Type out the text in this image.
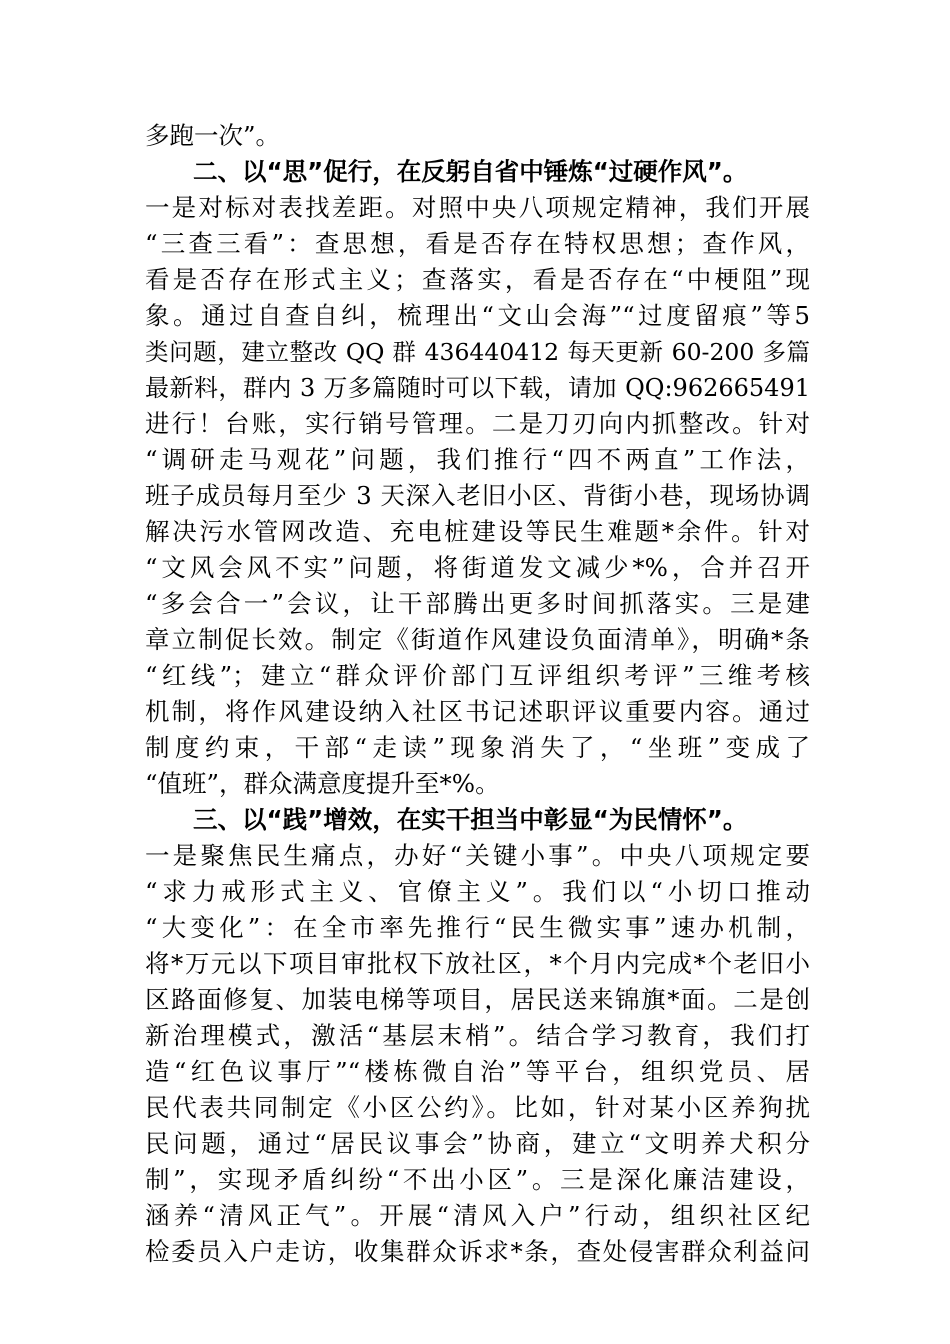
多跑一次”。
二、以“思”促行，在反躬自省中锤炼“过硬作风”。
一是对标对表找差距。对照中央八项规定精神，我们开展
“三查三看”：查思想，看是否存在特权思想；查作风，
看是否存在形式主义；查落实，看是否存在“中梗阻”现
象。通过自查自纠，梳理出“文山会海”“过度留痕”等5
类问题，建立整改 QQ 群 436440412 每天更新 60-200 多篇
最新料，群内 3 万多篇随时可以下载，请加 QQ:962665491
进行！台账，实行销号管理。二是刀刃向内抓整改。针对
“调研走马观花”问题，我们推行“四不两直”工作法，
班子成员每月至少 3 天深入老旧小区、背街小巷，现场协调
解决污水管网改造、充电桩建设等民生难题*余件。针对
“文风会风不实”问题，将街道发文减少*%，合并召开
“多会合一”会议，让干部腾出更多时间抓落实。三是建
章立制促长效。制定《街道作风建设负面清单》，明确*条
“红线”；建立“群众评价部门互评组织考评”三维考核
机制，将作风建设纳入社区书记述职评议重要内容。通过
制度约束，干部“走读”现象消失了，“坐班”变成了
“值班”，群众满意度提升至*%。
三、以“践”增效，在实干担当中彰显“为民情怀”。
一是聚焦民生痛点，办好“关键小事”。中央八项规定要
“求力戒形式主义、官僚主义”。我们以“小切口推动
“大变化”：在全市率先推行“民生微实事”速办机制，
将*万元以下项目审批权下放社区，*个月内完成*个老旧小
区路面修复、加装电梯等项目，居民送来锦旗*面。二是创
新治理模式，激活“基层末梢”。结合学习教育，我们打
造“红色议事厅”“楼栋微自治”等平台，组织党员、居
民代表共同制定《小区公约》。比如，针对某小区养狗扰
民问题，通过“居民议事会”协商，建立“文明养犬积分
制”，实现矛盾纠纷“不出小区”。三是深化廉洁建设，
涵养“清风正气”。开展“清风入户”行动，组织社区纪
检委员入户走访，收集群众诉求*条，查处侵害群众利益问
